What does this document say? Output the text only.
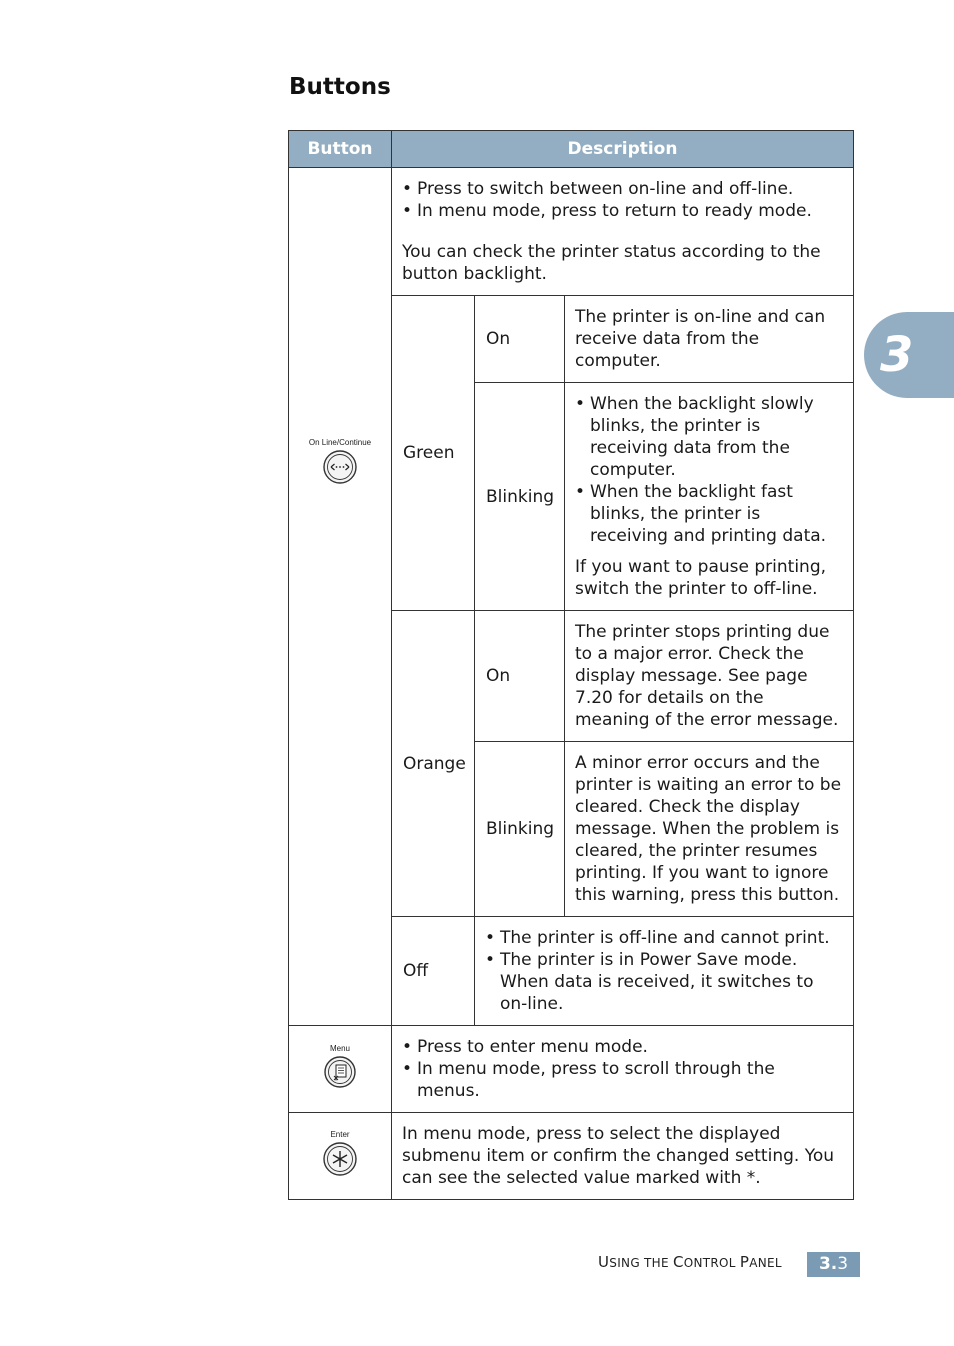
Buttons
3
Button	Description		

On Line/Continue	• Press to switch between on-line and off-line.
• In menu mode, press to return to ready mode.
You can check the printer status according to the button backlight.

	Green	On	The printer is on-line and can receive data from the computer.
		Blinking	• When the backlight slowly blinks, the printer is receiving data from the computer.
• When the backlight fast blinks, the printer is receiving and printing data.
If you want to pause printing, switch the printer to off-line.

	Orange	On	The printer stops printing due to a major error. Check the display message. See page 7.20 for details on the meaning of the error message.
		Blinking	A minor error occurs and the printer is waiting an error to be cleared. Check the display message. When the problem is cleared, the printer resumes printing. If you want to ignore this warning, press this button.
	Off	• The printer is off-line and cannot print.
• The printer is in Power Save mode. When data is received, it switches to on-line.

Menu	• Press to enter menu mode.
• In menu mode, press to scroll through the menus.

Enter	In menu mode, press to select the displayed submenu item or confirm the changed setting. You can see the selected value marked with *.		
USING THE CONTROL PANEL	3.3
